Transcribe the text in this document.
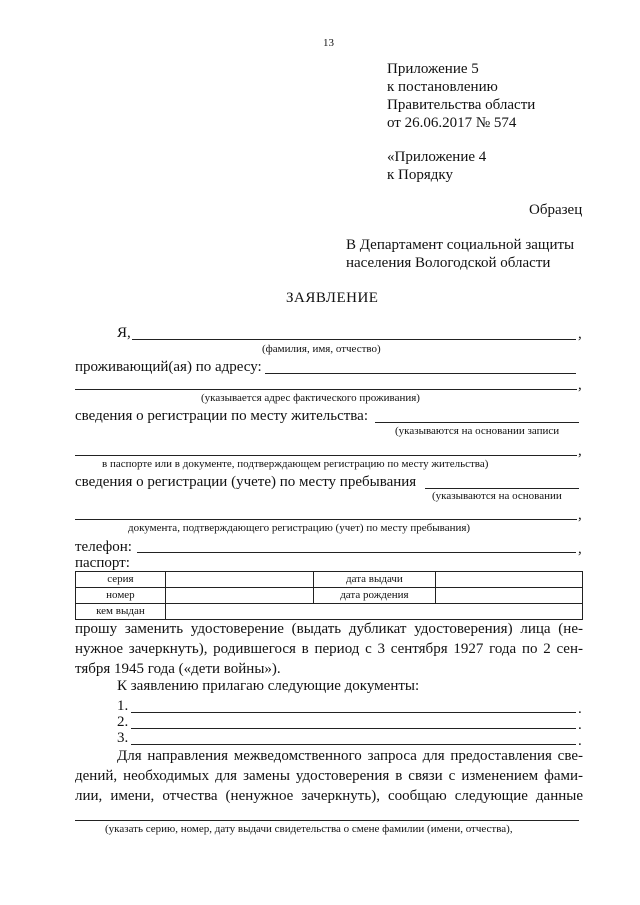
13
Приложение 5
к постановлению
Правительства области
от 26.06.2017 № 574
«Приложение 4
к Порядку
Образец
В Департамент социальной защиты
населения Вологодской области
ЗАЯВЛЕНИЕ
Я,	,
(фамилия, имя, отчество)
проживающий(ая) по адресу:
,
(указывается адрес фактического проживания)
сведения о регистрации по месту жительства:
(указываются на основании записи
,
в паспорте или в документе, подтверждающем регистрацию по месту жительства)
сведения о регистрации (учете) по месту пребывания
(указываются на основании
,
документа, подтверждающего регистрацию (учет) по месту пребывания)
телефон:	,
паспорт:
серия		дата выдачи	
номер		дата рождения	
кем выдан			
прошу заменить удостоверение (выдать дубликат удостоверения) лица (не-
нужное зачеркнуть), родившегося в период с 3 сентября 1927 года по 2 сен-
тября 1945 года («дети войны»).
К заявлению прилагаю следующие документы:
1.	.
2.	.
3.	.
Для направления межведомственного запроса для предоставления све-
дений, необходимых для замены удостоверения в связи с изменением фами-
лии, имени, отчества (ненужное зачеркнуть), сообщаю следующие данные
(указать серию, номер, дату выдачи свидетельства о смене фамилии (имени, отчества),
